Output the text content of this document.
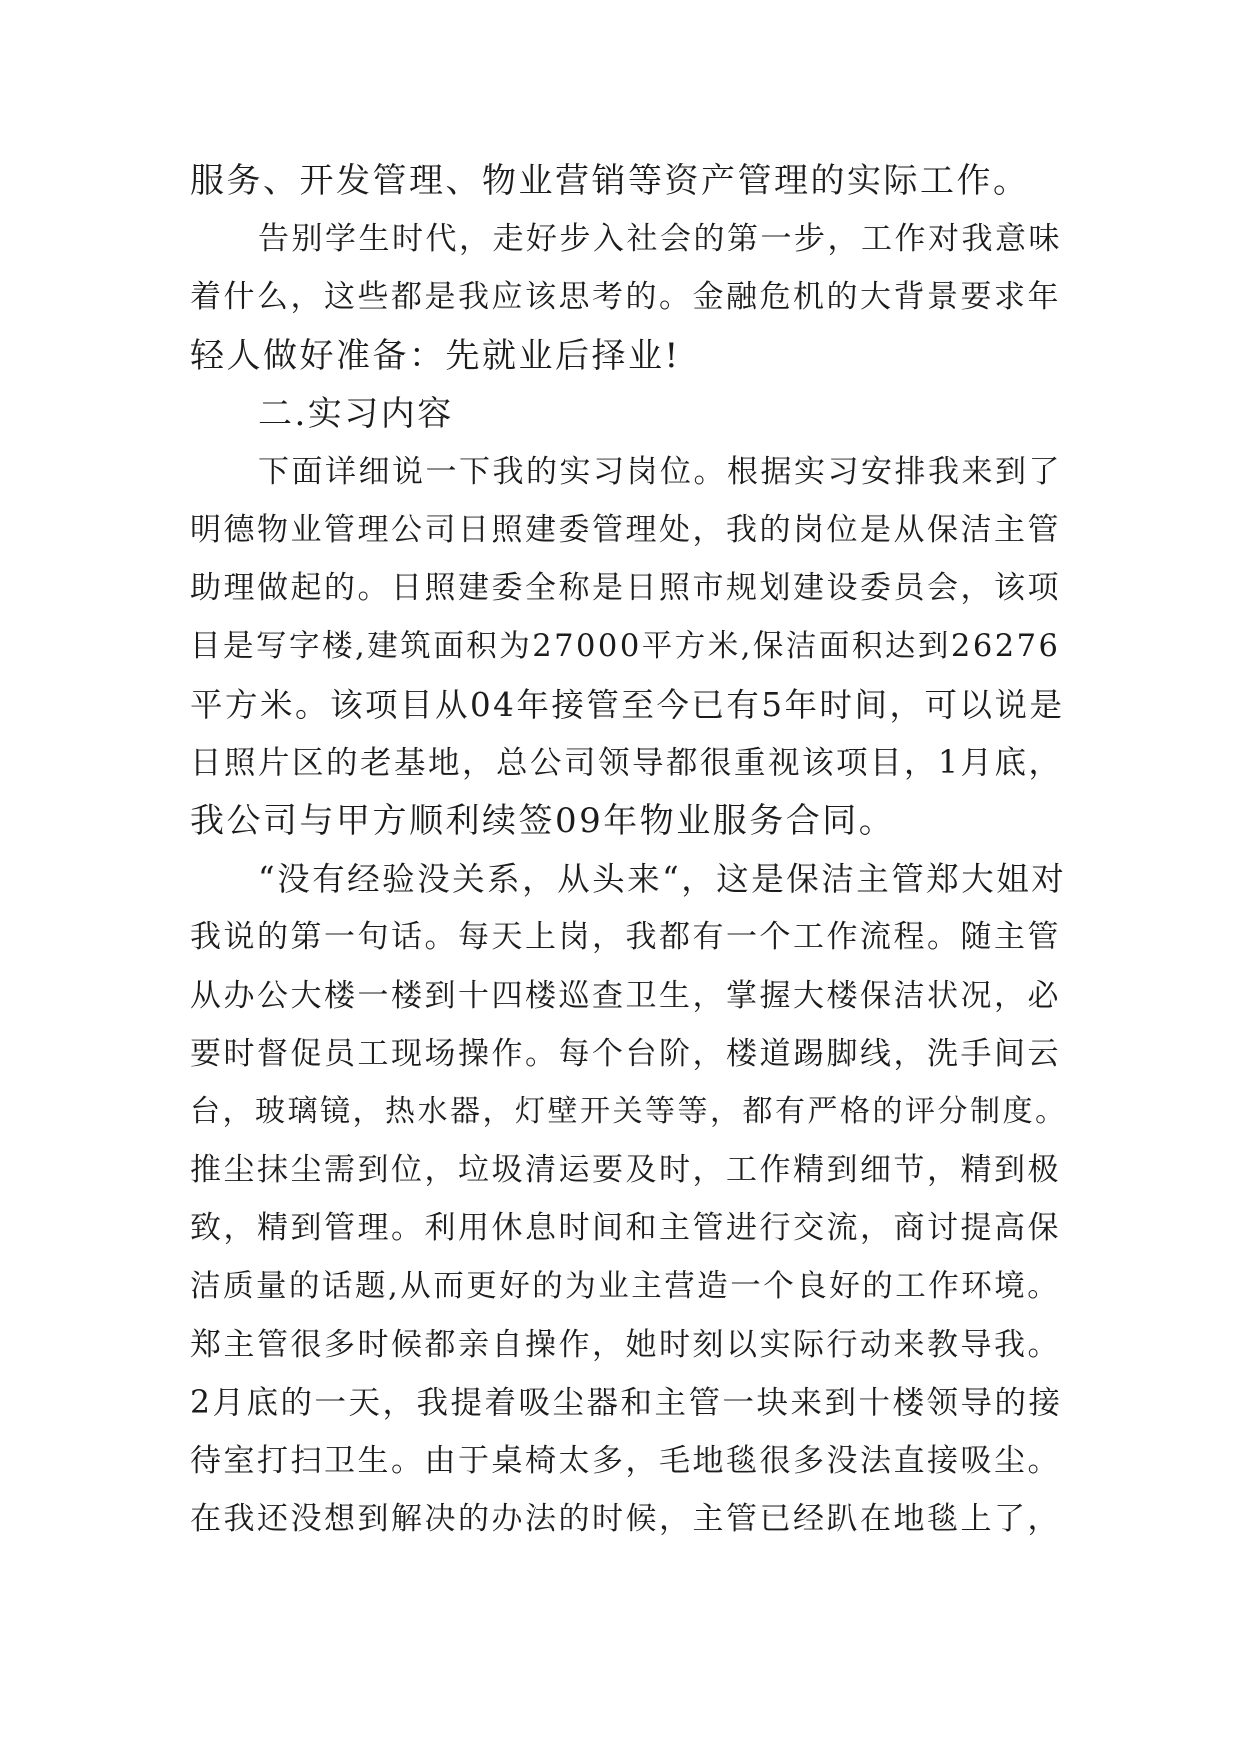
服务、开发管理、物业营销等资产管理的实际工作。
告别学生时代，走好步入社会的第一步，工作对我意味
着什么，这些都是我应该思考的。金融危机的大背景要求年
轻人做好准备：先就业后择业!
二.实习内容
下面详细说一下我的实习岗位。根据实习安排我来到了
明德物业管理公司日照建委管理处，我的岗位是从保洁主管
助理做起的。日照建委全称是日照市规划建设委员会，该项
目是写字楼,建筑面积为27000平方米,保洁面积达到26276
平方米。该项目从04年接管至今已有5年时间，可以说是
日照片区的老基地，总公司领导都很重视该项目，1月底，
我公司与甲方顺利续签09年物业服务合同。
“没有经验没关系，从头来“，这是保洁主管郑大姐对
我说的第一句话。每天上岗，我都有一个工作流程。随主管
从办公大楼一楼到十四楼巡查卫生，掌握大楼保洁状况，必
要时督促员工现场操作。每个台阶，楼道踢脚线，洗手间云
台，玻璃镜，热水器，灯壁开关等等，都有严格的评分制度。
推尘抹尘需到位，垃圾清运要及时，工作精到细节，精到极
致，精到管理。利用休息时间和主管进行交流，商讨提高保
洁质量的话题,从而更好的为业主营造一个良好的工作环境。
郑主管很多时候都亲自操作，她时刻以实际行动来教导我。
2月底的一天，我提着吸尘器和主管一块来到十楼领导的接
待室打扫卫生。由于桌椅太多，毛地毯很多没法直接吸尘。
在我还没想到解决的办法的时候，主管已经趴在地毯上了，
